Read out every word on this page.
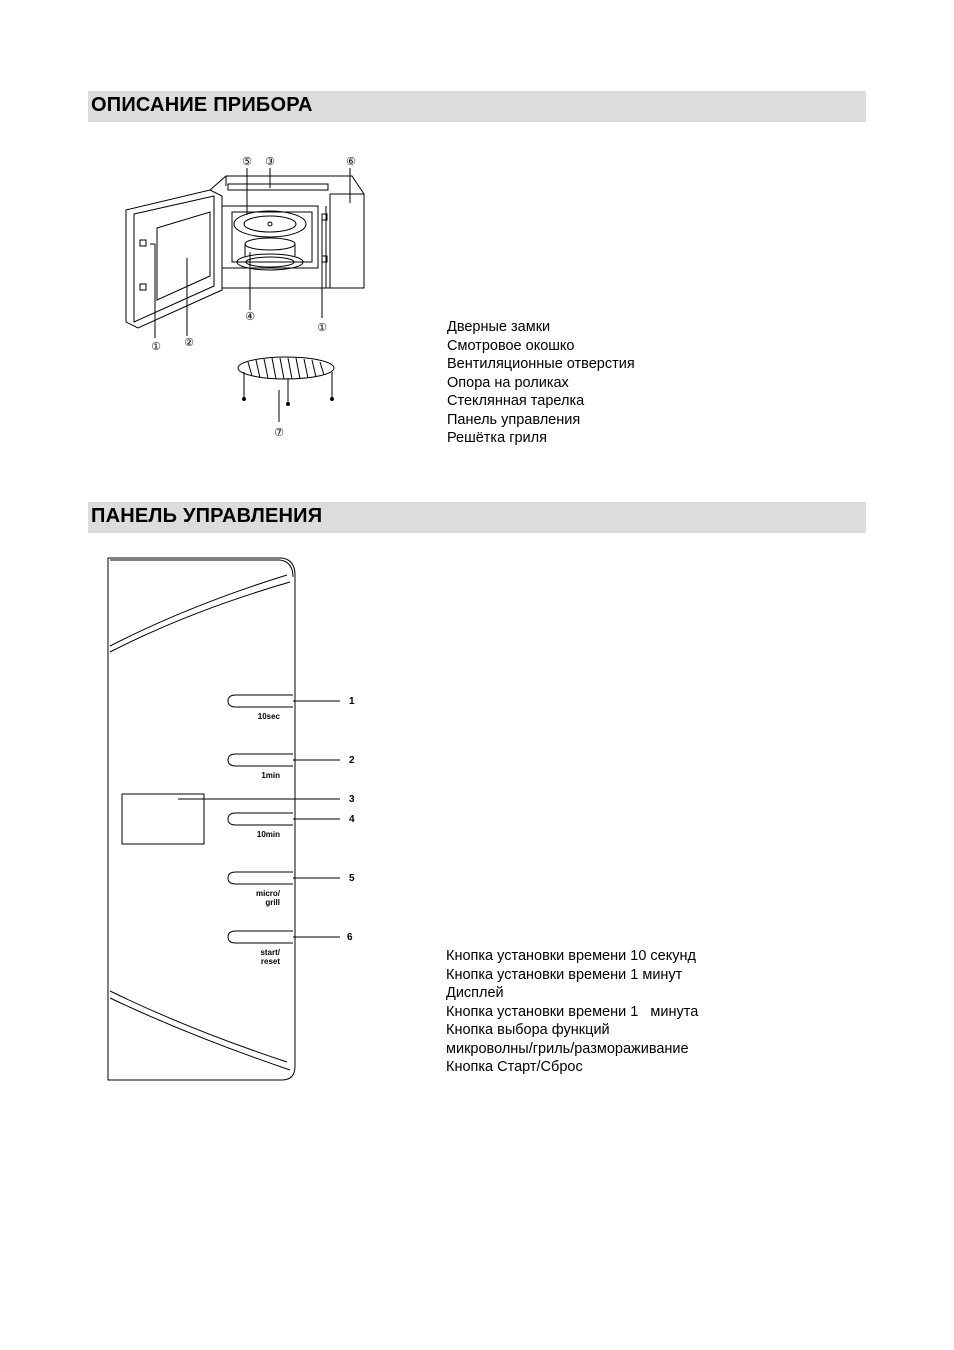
ОПИСАНИЕ ПРИБОРА
⑤ ③	⑥
① ②
④
①
⑦
Дверные замки
Смотровое окошко
Вентиляционные отверстия
Опора на роликах
Стеклянная тарелка
Панель управления
Решётка гриля
ПАНЕЛЬ УПРАВЛЕНИЯ
10sec
1min
10min
micro/ grill
start/ reset
1
2
3
4
5
6
Кнопка установки времени 10 секунд
Кнопка установки времени 1 минут
Дисплей
Кнопка установки времени 1   минута
Кнопка выбора функций
микроволны/гриль/размораживание
Кнопка Старт/Сброс
